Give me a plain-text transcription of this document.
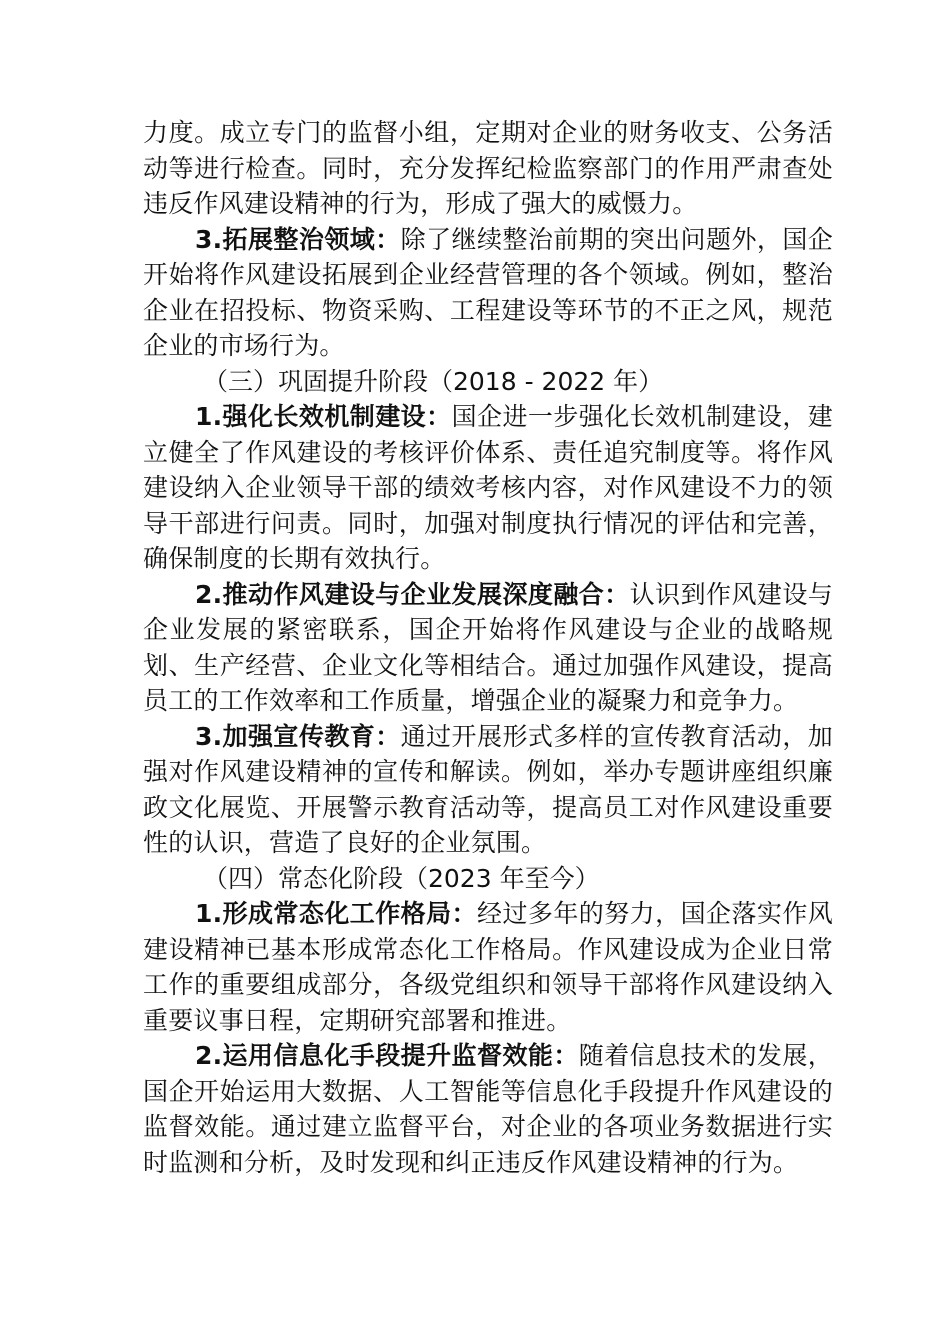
力度。成立专门的监督小组，定期对企业的财务收支、公务活动等进行检查。同时，充分发挥纪检监察部门的作用严肃查处违反作风建设精神的行为，形成了强大的威慑力。

3.拓展整治领域：除了继续整治前期的突出问题外，国企开始将作风建设拓展到企业经营管理的各个领域。例如，整治企业在招投标、物资采购、工程建设等环节的不正之风，规范企业的市场行为。

（三）巩固提升阶段（2018 - 2022 年）

1.强化长效机制建设：国企进一步强化长效机制建设，建立健全了作风建设的考核评价体系、责任追究制度等。将作风建设纳入企业领导干部的绩效考核内容，对作风建设不力的领导干部进行问责。同时，加强对制度执行情况的评估和完善，确保制度的长期有效执行。

2.推动作风建设与企业发展深度融合：认识到作风建设与企业发展的紧密联系，国企开始将作风建设与企业的战略规划、生产经营、企业文化等相结合。通过加强作风建设，提高员工的工作效率和工作质量，增强企业的凝聚力和竞争力。

3.加强宣传教育：通过开展形式多样的宣传教育活动，加强对作风建设精神的宣传和解读。例如，举办专题讲座组织廉政文化展览、开展警示教育活动等，提高员工对作风建设重要性的认识，营造了良好的企业氛围。

（四）常态化阶段（2023 年至今）

1.形成常态化工作格局：经过多年的努力，国企落实作风建设精神已基本形成常态化工作格局。作风建设成为企业日常工作的重要组成部分，各级党组织和领导干部将作风建设纳入重要议事日程，定期研究部署和推进。

2.运用信息化手段提升监督效能：随着信息技术的发展，国企开始运用大数据、人工智能等信息化手段提升作风建设的监督效能。通过建立监督平台，对企业的各项业务数据进行实时监测和分析，及时发现和纠正违反作风建设精神的行为。
